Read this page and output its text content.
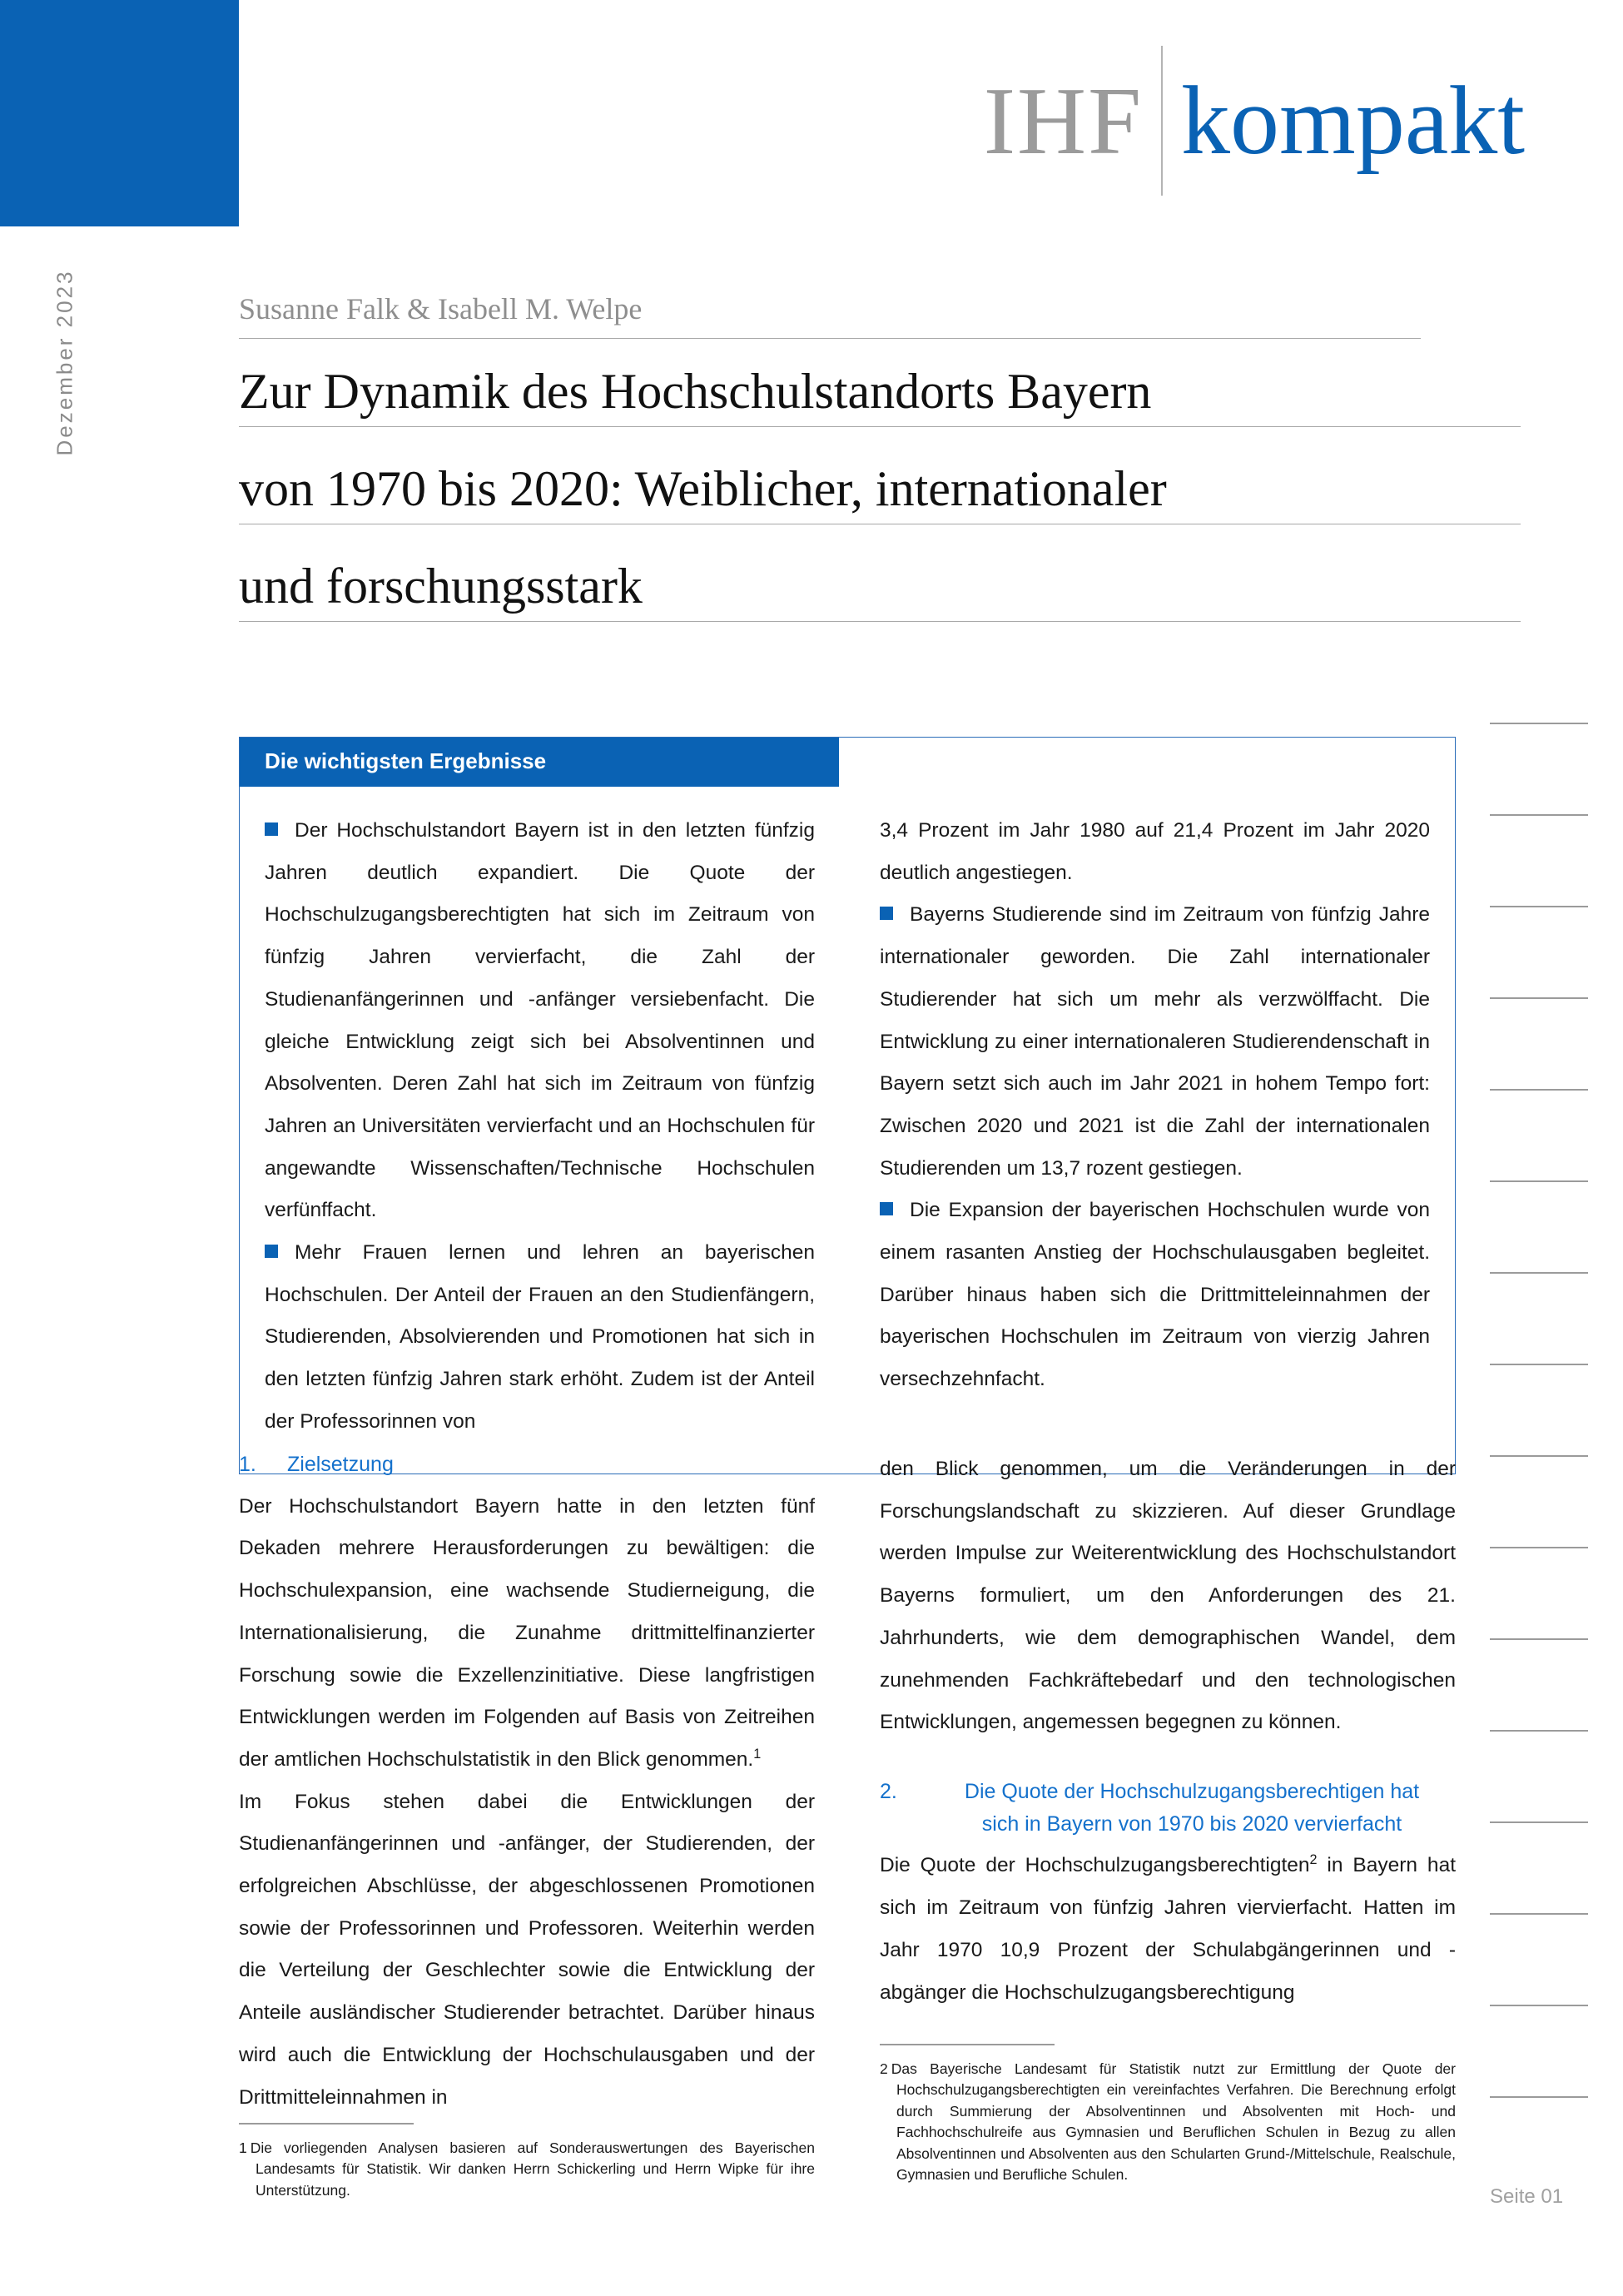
Dezember 2023
IHF kompakt
Susanne Falk & Isabell M. Welpe
Zur Dynamik des Hochschulstandorts Bayern
von 1970 bis 2020: Weiblicher, internationaler
und forschungsstark
Die wichtigsten Ergebnisse

Der Hochschulstandort Bayern ist in den letzten fünfzig Jahren deutlich expandiert. Die Quote der Hochschulzugangsberechtigten hat sich im Zeitraum von fünfzig Jahren vervierfacht, die Zahl der Studienanfängerinnen und -anfänger versiebenfacht. Die gleiche Entwicklung zeigt sich bei Absolventinnen und Absolventen. Deren Zahl hat sich im Zeitraum von fünfzig Jahren an Universitäten vervierfacht und an Hochschulen für angewandte Wissenschaften/Technische Hochschulen verfünffacht.

Mehr Frauen lernen und lehren an bayerischen Hochschulen. Der Anteil der Frauen an den Studienfängern, Studierenden, Absolvierenden und Promotionen hat sich in den letzten fünfzig Jahren stark erhöht. Zudem ist der Anteil der Professorinnen von

3,4 Prozent im Jahr 1980 auf 21,4 Prozent im Jahr 2020 deutlich angestiegen.

Bayerns Studierende sind im Zeitraum von fünfzig Jahre internationaler geworden. Die Zahl internationaler Studierender hat sich um mehr als verzwölffacht. Die Entwicklung zu einer internationaleren Studierendenschaft in Bayern setzt sich auch im Jahr 2021 in hohem Tempo fort: Zwischen 2020 und 2021 ist die Zahl der internationalen Studierenden um 13,7 rozent gestiegen.

Die Expansion der bayerischen Hochschulen wurde von einem rasanten Anstieg der Hochschulausgaben begleitet. Darüber hinaus haben sich die Drittmitteleinnahmen der bayerischen Hochschulen im Zeitraum von vierzig Jahren versechzehnfacht.

1.	Zielsetzung

Der Hochschulstandort Bayern hatte in den letzten fünf Dekaden mehrere Herausforderungen zu bewältigen: die Hochschulexpansion, eine wachsende Studierneigung, die Internationalisierung, die Zunahme drittmittelfinanzierter Forschung sowie die Exzellenzinitiative. Diese langfristigen Entwicklungen werden im Folgenden auf Basis von Zeitreihen der amtlichen Hochschulstatistik in den Blick genommen.$^1$

Im Fokus stehen dabei die Entwicklungen der Studienanfängerinnen und -anfänger, der Studierenden, der erfolgreichen Abschlüsse, der abgeschlossenen Promotionen sowie der Professorinnen und Professoren. Weiterhin werden die Verteilung der Geschlechter sowie die Entwicklung der Anteile ausländischer Studierender betrachtet. Darüber hinaus wird auch die Entwicklung der Hochschulausgaben und der Drittmitteleinnahmen in

den Blick genommen, um die Veränderungen in der Forschungslandschaft zu skizzieren. Auf dieser Grundlage werden Impulse zur Weiterentwicklung des Hochschulstandort Bayerns formuliert, um den Anforderungen des 21. Jahrhunderts, wie dem demographischen Wandel, dem zunehmenden Fachkräftebedarf und den technologischen Entwicklungen, angemessen begegnen zu können.

2.	Die Quote der Hochschulzugangsberechtigen hat
sich in Bayern von 1970 bis 2020 vervierfacht

Die Quote der Hochschulzugangsberechtigten$^2$ in Bayern hat sich im Zeitraum von fünfzig Jahren viervierfacht. Hatten im Jahr 1970 10,9 Prozent der Schulabgängerinnen und -abgänger die Hochschulzugangsberechtigung

1 Die vorliegenden Analysen basieren auf Sonderauswertungen des Bayerischen Landesamts für Statistik. Wir danken Herrn Schickerling und Herrn Wipke für ihre Unterstützung.
2 Das Bayerische Landesamt für Statistik nutzt zur Ermittlung der Quote der Hochschulzugangsberechtigten ein vereinfachtes Verfahren. Die Berechnung erfolgt durch Summierung der Absolventinnen und Absolventen mit Hoch- und Fachhochschulreife aus Gymnasien und Beruflichen Schulen in Bezug zu allen Absolventinnen und Absolventen aus den Schularten Grund-/Mittelschule, Realschule, Gymnasien und Berufliche Schulen.
Seite 01
